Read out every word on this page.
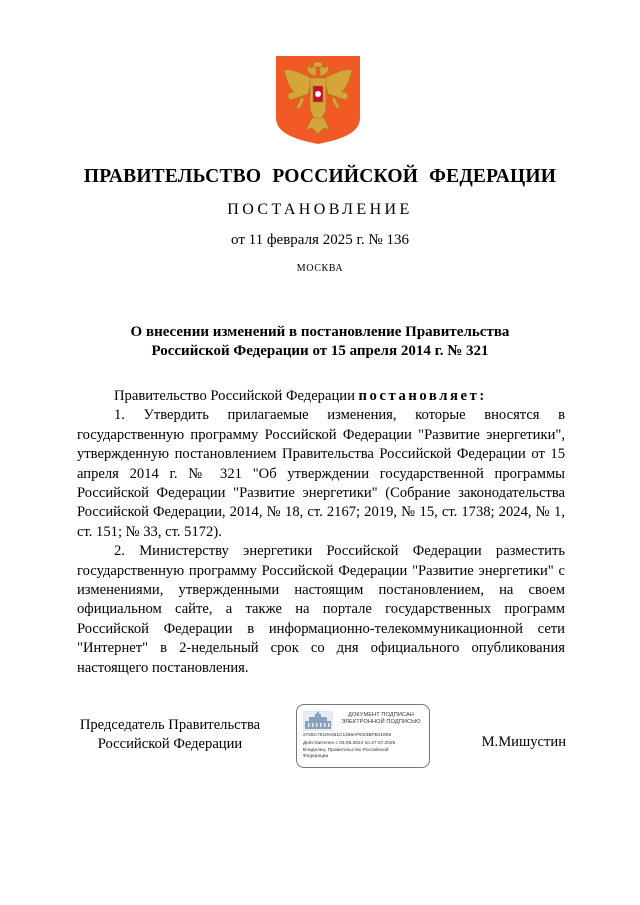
ПРАВИТЕЛЬСТВО РОССИЙСКОЙ ФЕДЕРАЦИИ
ПОСТАНОВЛЕНИЕ
от 11 февраля 2025 г. № 136
МОСКВА
О внесении изменений в постановление Правительства
Российской Федерации от 15 апреля 2014 г. № 321

Правительство Российской Федерации постановляет:

1. Утвердить прилагаемые изменения, которые вносятся в государственную программу Российской Федерации "Развитие энергетики", утвержденную постановлением Правительства Российской Федерации от 15 апреля 2014 г. № 321 "Об утверждении государственной программы Российской Федерации "Развитие энергетики" (Собрание законодательства Российской Федерации, 2014, № 18, ст. 2167; 2019, № 15, ст. 1738; 2024, № 1, ст. 151; № 33, ст. 5172).

2. Министерству энергетики Российской Федерации разместить государственную программу Российской Федерации "Развитие энергетики" с изменениями, утвержденными настоящим постановлением, на своем официальном сайте, а также на портале государственных программ Российской Федерации в информационно-телекоммуникационной сети "Интернет" в 2-недельный срок со дня официального опубликования настоящего постановления.

Председатель Правительства
Российской Федерации
ДОКУМЕНТ ПОДПИСАН
ЭЛЕКТРОННОЙ ПОДПИСЬЮ
2726C7910A061C1458AFEE3BFB41009
Действителен с 03.05.2024 по 27.07.2025
Владелец: Правительство Российской Федерации
М.Мишустин
